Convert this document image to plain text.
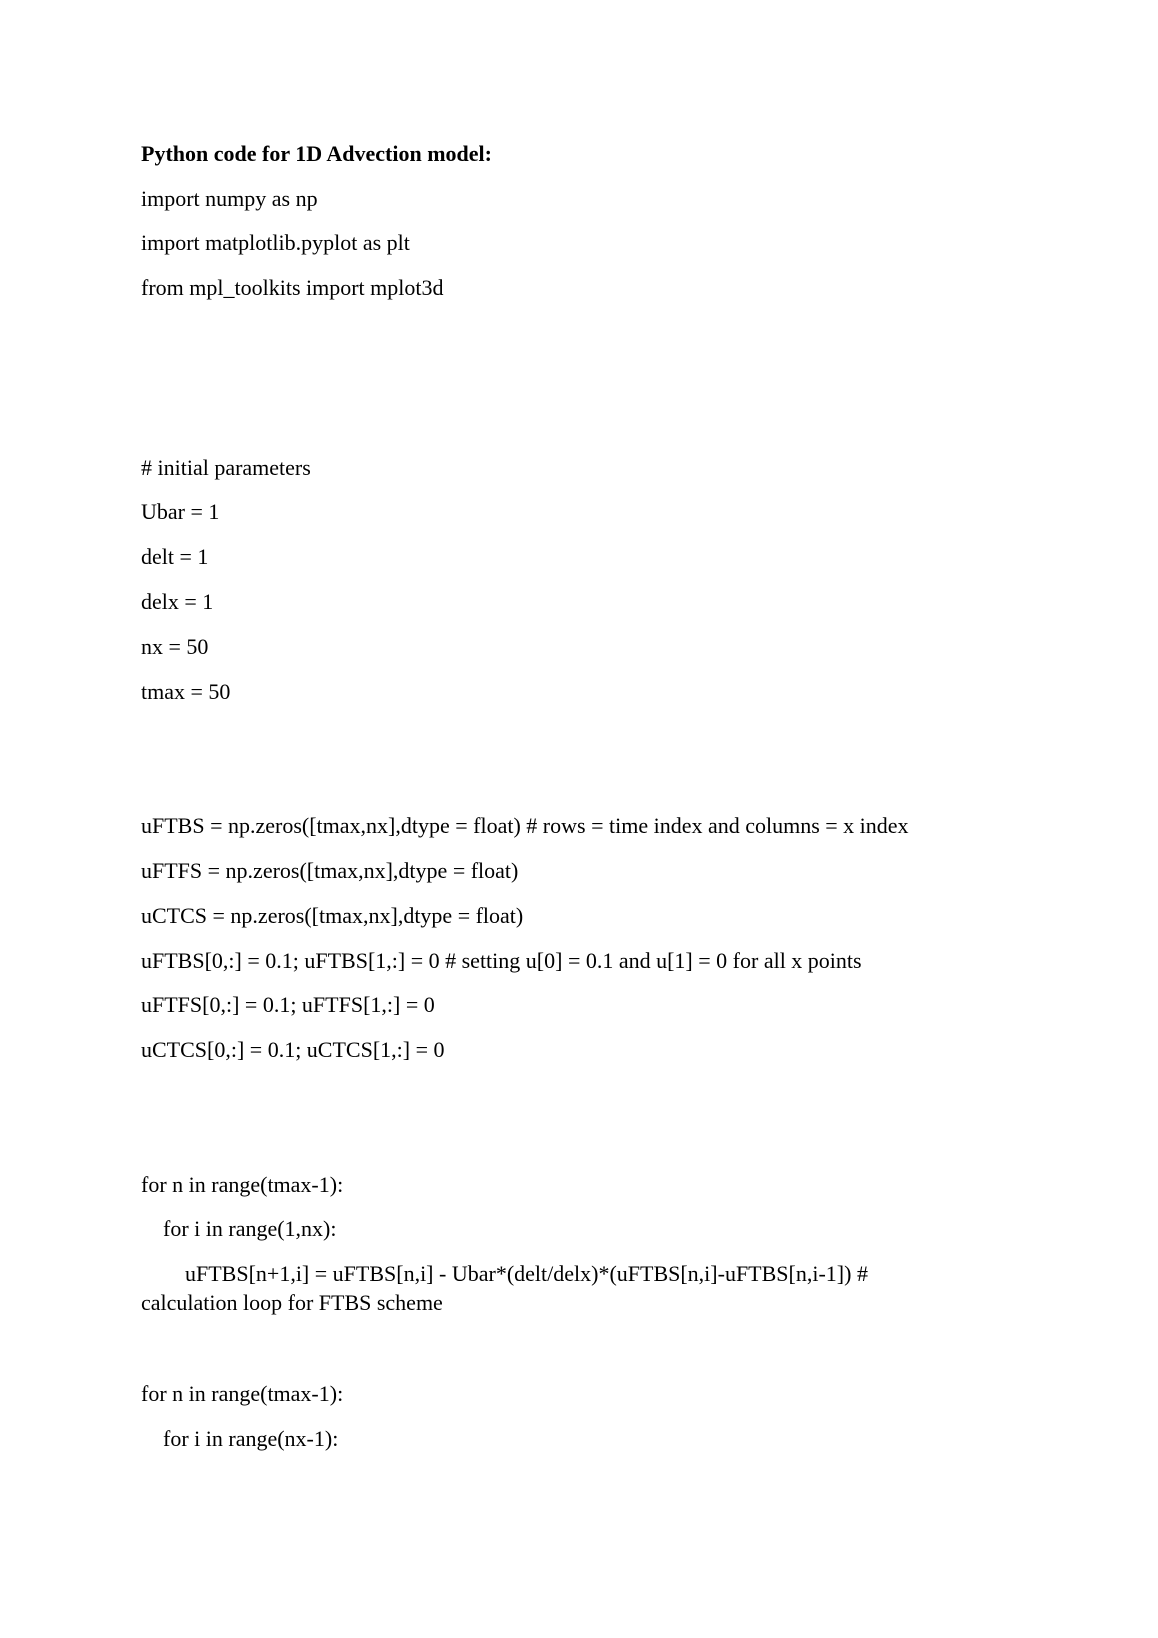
Python code for 1D Advection model:
import numpy as np
import matplotlib.pyplot as plt
from mpl_toolkits import mplot3d
# initial parameters
Ubar = 1
delt = 1
delx = 1
nx = 50
tmax = 50
uFTBS = np.zeros([tmax,nx],dtype = float) # rows = time index and columns = x index
uFTFS = np.zeros([tmax,nx],dtype = float)
uCTCS = np.zeros([tmax,nx],dtype = float)
uFTBS[0,:] = 0.1; uFTBS[1,:] = 0 # setting u[0] = 0.1 and u[1] = 0 for all x points
uFTFS[0,:] = 0.1; uFTFS[1,:] = 0
uCTCS[0,:] = 0.1; uCTCS[1,:] = 0
for n in range(tmax-1):
for i in range(1,nx):
uFTBS[n+1,i] = uFTBS[n,i] - Ubar*(delt/delx)*(uFTBS[n,i]-uFTBS[n,i-1]) #
calculation loop for FTBS scheme
for n in range(tmax-1):
for i in range(nx-1):
